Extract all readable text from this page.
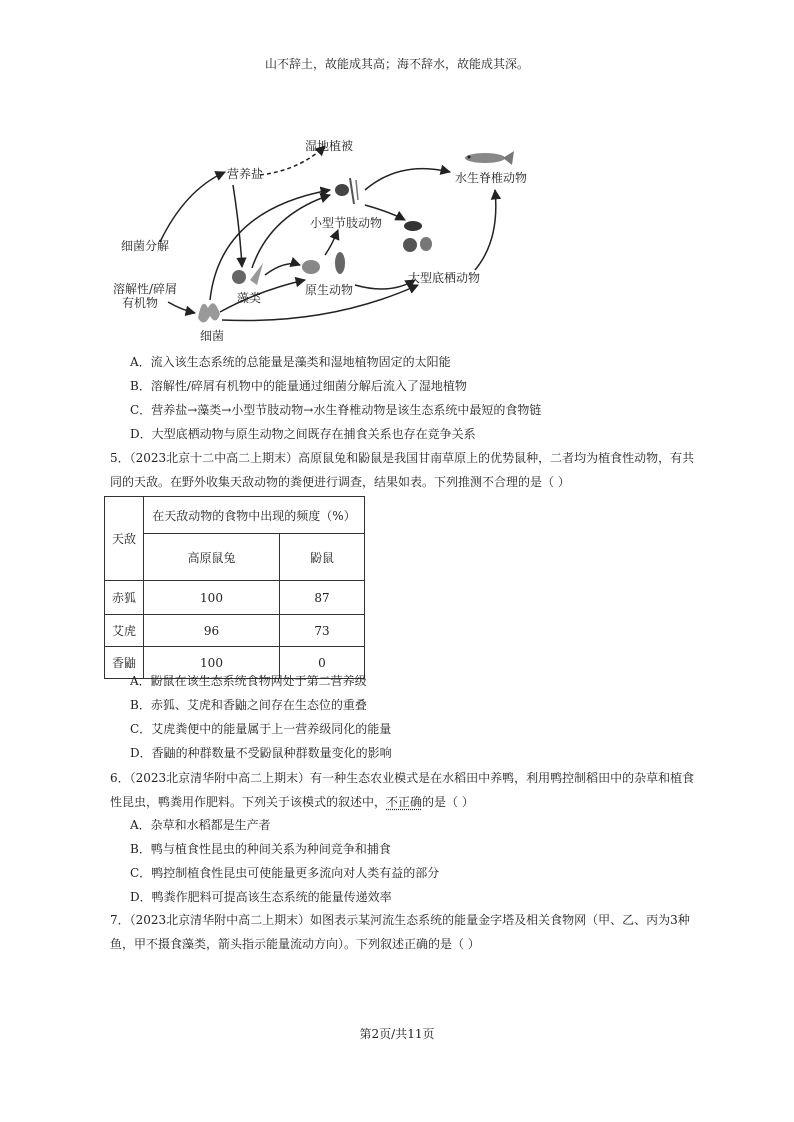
山不辞土，故能成其高；海不辞水，故能成其深。
湿地植被
营养盐	水生脊椎动物
小型节肢动物
细菌分解
溶解性/碎屑
有机物	藻类
原生动物
大型底栖动物
细菌
A．流入该生态系统的总能量是藻类和湿地植物固定的太阳能
B．溶解性/碎屑有机物中的能量通过细菌分解后流入了湿地植物
C．营养盐→藻类→小型节肢动物→水生脊椎动物是该生态系统中最短的食物链
D．大型底栖动物与原生动物之间既存在捕食关系也存在竞争关系
5．（2023北京十二中高二上期末）高原鼠兔和鼢鼠是我国甘南草原上的优势鼠种，二者均为植食性动物，有共同的天敌。在野外收集天敌动物的粪便进行调查，结果如表。下列推测不合理的是（ ）
天敌	在天敌动物的食物中出现的频度（%）	
	高原鼠兔	鼢鼠
赤狐	100	87
艾虎	96	73
香鼬	100	0
A．鼢鼠在该生态系统食物网处于第二营养级
B．赤狐、艾虎和香鼬之间存在生态位的重叠
C．艾虎粪便中的能量属于上一营养级同化的能量
D．香鼬的种群数量不受鼢鼠种群数量变化的影响
6．（2023北京清华附中高二上期末）有一种生态农业模式是在水稻田中养鸭，利用鸭控制稻田中的杂草和植食性昆虫，鸭粪用作肥料。下列关于该模式的叙述中，不正确的是（ ）
A．杂草和水稻都是生产者
B．鸭与植食性昆虫的种间关系为种间竞争和捕食
C．鸭控制植食性昆虫可使能量更多流向对人类有益的部分
D．鸭粪作肥料可提高该生态系统的能量传递效率
7．（2023北京清华附中高二上期末）如图表示某河流生态系统的能量金字塔及相关食物网（甲、乙、丙为3种鱼，甲不摄食藻类，箭头指示能量流动方向）。下列叙述正确的是（ ）
第2页/共11页
